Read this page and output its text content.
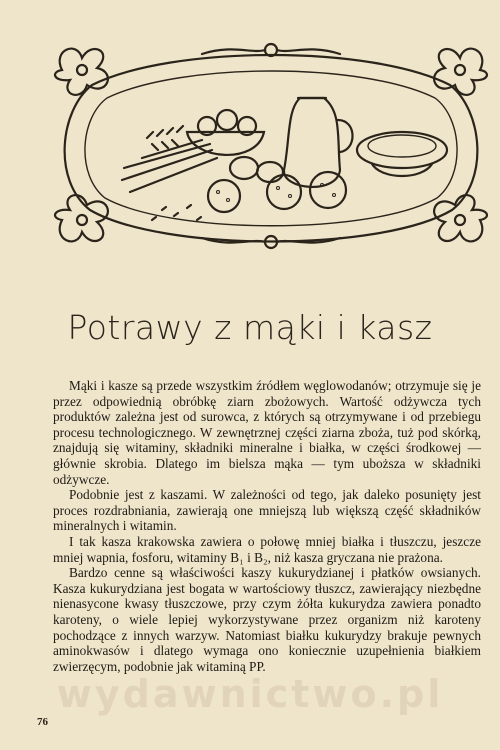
Potrawy z mąki i kasz

Mąki i kasze są przede wszystkim źródłem węglowodanów; otrzymuje się je przez odpowiednią obróbkę ziarn zbożowych. Wartość odżywcza tych produktów zależna jest od surowca, z których są otrzymywane i od przebiegu procesu technologicznego. W zewnętrznej części ziarna zboża, tuż pod skórką, znajdują się witaminy, składniki mineralne i białka, w części środkowej — głównie skrobia. Dlatego im bielsza mąka — tym uboższa w składniki odżywcze.

Podobnie jest z kaszami. W zależności od tego, jak daleko posunięty jest proces rozdrabniania, zawierają one mniejszą lub większą część składników mineralnych i witamin.

I tak kasza krakowska zawiera o połowę mniej białka i tłuszczu, jeszcze mniej wapnia, fosforu, witaminy B₁ i B₂, niż kasza gryczana nie prażona.

Bardzo cenne są właściwości kaszy kukurydzianej i płatków owsianych. Kasza kukurydziana jest bogata w wartościowy tłuszcz, zawierający niezbędne nienasycone kwasy tłuszczowe, przy czym żółta kukurydza zawiera ponadto karoteny, o wiele lepiej wykorzystywane przez organizm niż karoteny pochodzące z innych warzyw. Natomiast białku kukurydzy brakuje pewnych aminokwasów i dlatego wymaga ono koniecznie uzupełnienia białkiem zwierzęcym, podobnie jak witaminą PP.

wydawnictwo.pl
76
